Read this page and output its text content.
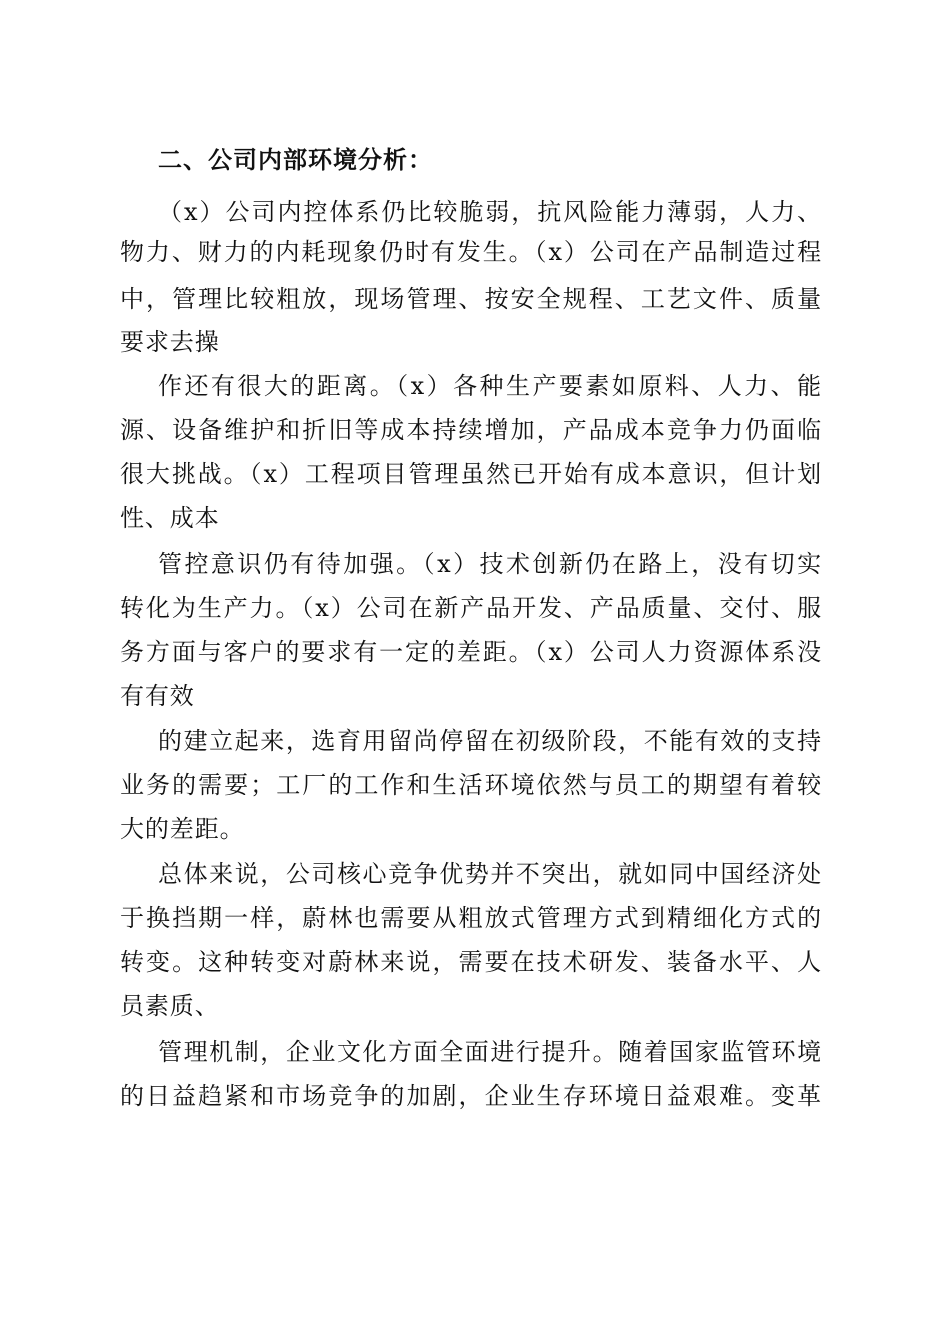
二、公司内部环境分析：
（x）公司内控体系仍比较脆弱，抗风险能力薄弱，人力、
物力、财力的内耗现象仍时有发生。（x）公司在产品制造过程
中，管理比较粗放，现场管理、按安全规程、工艺文件、质量
要求去操
作还有很大的距离。（x）各种生产要素如原料、人力、能
源、设备维护和折旧等成本持续增加，产品成本竞争力仍面临
很大挑战。（x）工程项目管理虽然已开始有成本意识，但计划
性、成本
管控意识仍有待加强。（x）技术创新仍在路上，没有切实
转化为生产力。（x）公司在新产品开发、产品质量、交付、服
务方面与客户的要求有一定的差距。（x）公司人力资源体系没
有有效
的建立起来，选育用留尚停留在初级阶段，不能有效的支持
业务的需要；工厂的工作和生活环境依然与员工的期望有着较
大的差距。
总体来说，公司核心竞争优势并不突出，就如同中国经济处
于换挡期一样，蔚林也需要从粗放式管理方式到精细化方式的
转变。这种转变对蔚林来说，需要在技术研发、装备水平、人
员素质、
管理机制，企业文化方面全面进行提升。随着国家监管环境
的日益趋紧和市场竞争的加剧，企业生存环境日益艰难。变革
